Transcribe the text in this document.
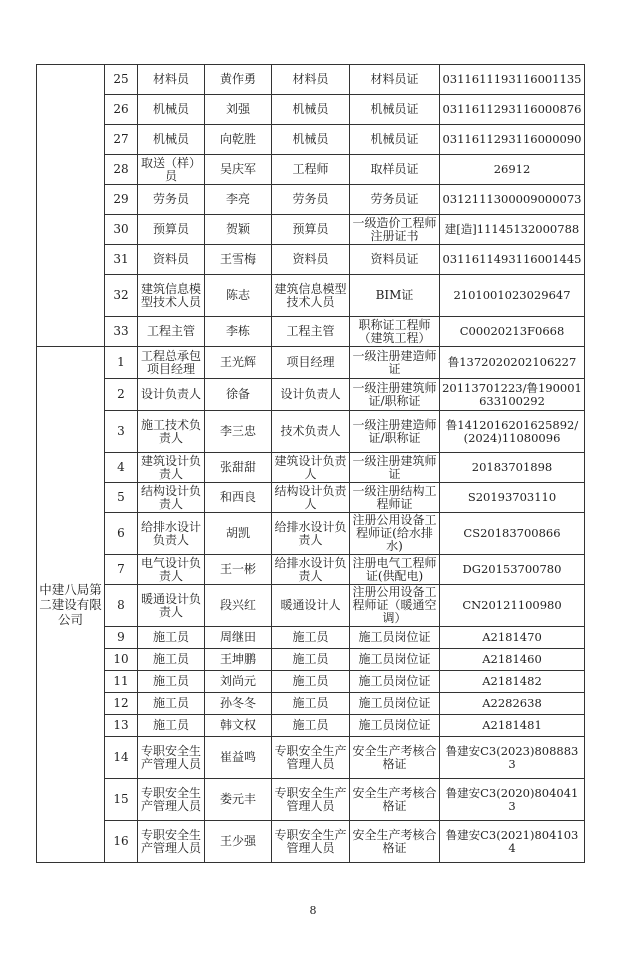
	25	材料员	黄作勇	材料员	材料员证	0311611193116001135
	26	机械员	刘强	机械员	机械员证	0311611293116000876
	27	机械员	向乾胜	机械员	机械员证	0311611293116000090
	28	取送（样）员	吴庆军	工程师	取样员证	26912
	29	劳务员	李亮	劳务员	劳务员证	0312111300009000073
	30	预算员	贺颖	预算员	一级造价工程师注册证书	建[造]11145132000788
	31	资料员	王雪梅	资料员	资料员证	0311611493116001445
	32	建筑信息模型技术人员	陈志	建筑信息模型技术人员	BIM证	2101001023029647
	33	工程主管	李栋	工程主管	职称证工程师（建筑工程）	C00020213F0668
中建八局第二建设有限公司	1	工程总承包项目经理	王光辉	项目经理	一级注册建造师证	鲁1372020202106227
	2	设计负责人	徐备	设计负责人	一级注册建筑师证/职称证	20113701223/鲁190001633100292
	3	施工技术负责人	李三忠	技术负责人	一级注册建造师证/职称证	鲁1412016201625892/(2024)11080096
	4	建筑设计负责人	张甜甜	建筑设计负责人	一级注册建筑师证	20183701898
	5	结构设计负责人	和西良	结构设计负责人	一级注册结构工程师证	S20193703110
	6	给排水设计负责人	胡凯	给排水设计负责人	注册公用设备工程师证(给水排水)	CS20183700866
	7	电气设计负责人	王一彬	给排水设计负责人	注册电气工程师证(供配电)	DG20153700780
	8	暖通设计负责人	段兴红	暖通设计人	注册公用设备工程师证（暖通空调）	CN20121100980
	9	施工员	周继田	施工员	施工员岗位证	A2181470
	10	施工员	王坤鹏	施工员	施工员岗位证	A2181460
	11	施工员	刘尚元	施工员	施工员岗位证	A2181482
	12	施工员	孙冬冬	施工员	施工员岗位证	A2282638
	13	施工员	韩文权	施工员	施工员岗位证	A2181481
	14	专职安全生产管理人员	崔益鸣	专职安全生产管理人员	安全生产考核合格证	鲁建安C3(2023)8088833
	15	专职安全生产管理人员	娄元丰	专职安全生产管理人员	安全生产考核合格证	鲁建安C3(2020)8040413
	16	专职安全生产管理人员	王少强	专职安全生产管理人员	安全生产考核合格证	鲁建安C3(2021)8041034
8
